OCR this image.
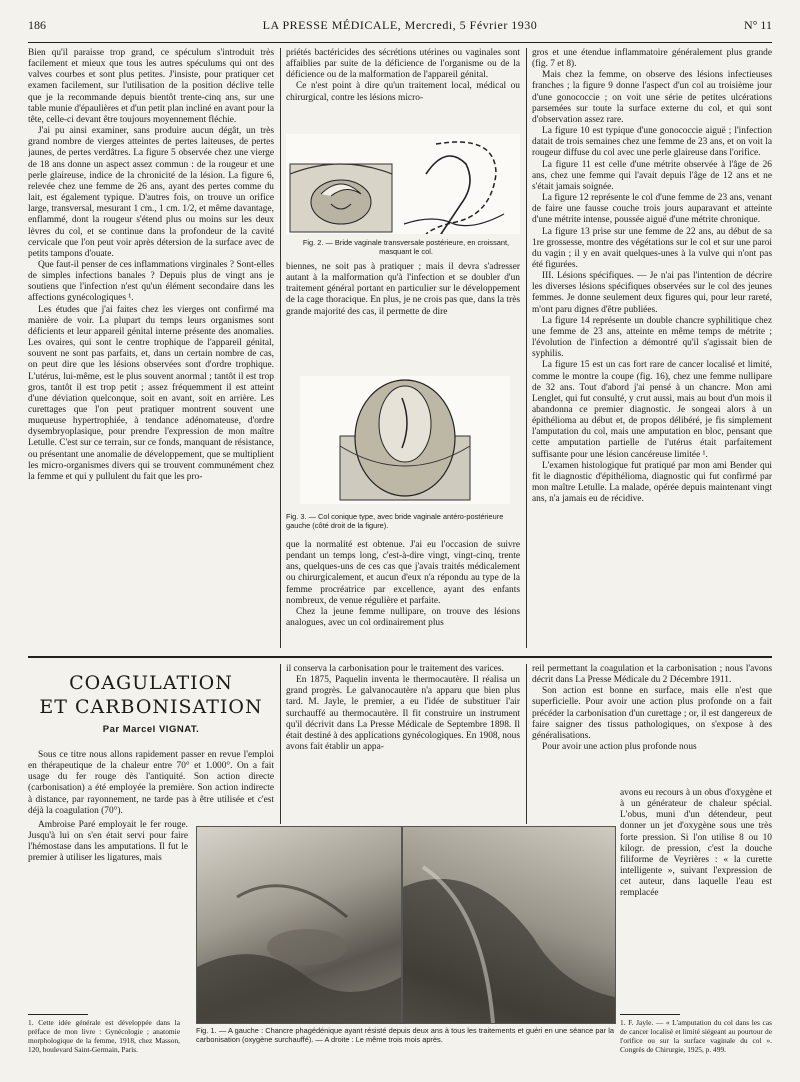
186	LA PRESSE MÉDICALE, Mercredi, 5 Février 1930	N° 11

Bien qu'il paraisse trop grand, ce spéculum s'introduit très facilement et mieux que tous les autres spéculums qui ont des valves courbes et sont plus petites. J'insiste, pour pratiquer cet examen facilement, sur l'utilisation de la position déclive telle que je la recommande depuis bientôt trente-cinq ans, sur une table munie d'épaulières et d'un petit plan incliné en avant pour la tête, celle-ci devant être toujours moyennement fléchie.

J'ai pu ainsi examiner, sans produire aucun dégât, un très grand nombre de vierges atteintes de pertes laiteuses, de pertes jaunes, de pertes verdâtres. La figure 5 observée chez une vierge de 18 ans donne un aspect assez commun : de la rougeur et une perle glaireuse, indice de la chronicité de la lésion. La figure 6, relevée chez une femme de 26 ans, ayant des pertes comme du lait, est également typique. D'autres fois, on trouve un orifice large, transversal, mesurant 1 cm., 1 cm. 1/2, et même davantage, enflammé, dont la rougeur s'étend plus ou moins sur les deux lèvres du col, et se continue dans la profondeur de la cavité cervicale que l'on peut voir après détersion de la surface avec de petits tampons d'ouate.

Que faut-il penser de ces inflammations virginales ? Sont-elles de simples infections banales ? Depuis plus de vingt ans je soutiens que l'infection n'est qu'un élément secondaire dans les affections gynécologiques ¹.

Les études que j'ai faites chez les vierges ont confirmé ma manière de voir. La plupart du temps leurs organismes sont déficients et leur appareil génital interne présente des anomalies. Les ovaires, qui sont le centre trophique de l'appareil génital, souvent ne sont pas parfaits, et, dans un certain nombre de cas, on peut dire que les lésions observées sont d'ordre trophique. L'utérus, lui-même, est le plus souvent anormal ; tantôt il est trop gros, tantôt il est trop petit ; assez fréquemment il est atteint d'une déviation quelconque, soit en avant, soit en arrière. Les curettages que l'on peut pratiquer montrent souvent une muqueuse hypertrophiée, à tendance adénomateuse, d'ordre dysembryoplasique, pour prendre l'expression de mon maître Letulle. C'est sur ce terrain, sur ce fonds, manquant de résistance, ou présentant une anomalie de développement, que se multiplient les micro-organismes divers qui se trouvent communément chez la femme et qui y pullulent du fait que les pro-

priétés bactéricides des sécrétions utérines ou vaginales sont affaiblies par suite de la déficience de l'organisme ou de la déficience ou de la malformation de l'appareil génital.

Ce n'est point à dire qu'un traitement local, médical ou chirurgical, contre les lésions micro-

Fig. 2. — Bride vaginale transversale postérieure, en croissant, masquant le col.

biennes, ne soit pas à pratiquer ; mais il devra s'adresser autant à la malformation qu'à l'infection et se doubler d'un traitement général portant en particulier sur le développement de la cage thoracique. En plus, je ne crois pas que, dans la très grande majorité des cas, il permette de dire

Fig. 3. — Col conique type, avec bride vaginale antéro-postérieure gauche (côté droit de la figure).

que la normalité est obtenue. J'ai eu l'occasion de suivre pendant un temps long, c'est-à-dire vingt, vingt-cinq, trente ans, quelques-uns de ces cas que j'avais traités médicalement ou chirurgicalement, et aucun d'eux n'a répondu au type de la femme procréatrice par excellence, ayant des enfants nombreux, de venue régulière et parfaite.

Chez la jeune femme nullipare, on trouve des lésions analogues, avec un col ordinairement plus

gros et une étendue inflammatoire généralement plus grande (fig. 7 et 8).

Mais chez la femme, on observe des lésions infectieuses franches ; la figure 9 donne l'aspect d'un col au troisième jour d'une gonococcie ; on voit une série de petites ulcérations parsemées sur toute la surface externe du col, et qui sont d'observation assez rare.

La figure 10 est typique d'une gonococcie aiguë ; l'infection datait de trois semaines chez une femme de 23 ans, et on voit la rougeur diffuse du col avec une perle glaireuse dans l'orifice.

La figure 11 est celle d'une métrite observée à l'âge de 26 ans, chez une femme qui l'avait depuis l'âge de 12 ans et ne s'était jamais soignée.

La figure 12 représente le col d'une femme de 23 ans, venant de faire une fausse couche trois jours auparavant et atteinte d'une métrite intense, poussée aiguë d'une métrite chronique.

La figure 13 prise sur une femme de 22 ans, au début de sa 1re grossesse, montre des végétations sur le col et sur une paroi du vagin ; il y en avait quelques-unes à la vulve qui n'ont pas été figurées.

III. Lésions spécifiques. — Je n'ai pas l'intention de décrire les diverses lésions spécifiques observées sur le col des jeunes femmes. Je donne seulement deux figures qui, pour leur rareté, m'ont paru dignes d'être publiées.

La figure 14 représente un double chancre syphilitique chez une femme de 23 ans, atteinte en même temps de métrite ; l'évolution de l'infection a démontré qu'il s'agissait bien de syphilis.

La figure 15 est un cas fort rare de cancer localisé et limité, comme le montre la coupe (fig. 16), chez une femme nullipare de 32 ans. Tout d'abord j'ai pensé à un chancre. Mon ami Lenglet, qui fut consulté, y crut aussi, mais au bout d'un mois il abandonna ce premier diagnostic. Je songeai alors à un épithélioma au début et, de propos délibéré, je fis simplement l'amputation du col, mais une amputation en bloc, pensant que cette amputation partielle de l'utérus était parfaitement suffisante pour une lésion cancéreuse limitée ¹.

L'examen histologique fut pratiqué par mon ami Bender qui fit le diagnostic d'épithélioma, diagnostic qui fut confirmé par mon maître Letulle. La malade, opérée depuis maintenant vingt ans, n'a jamais eu de récidive.

COAGULATION
ET CARBONISATION
Par Marcel VIGNAT.

Sous ce titre nous allons rapidement passer en revue l'emploi en thérapeutique de la chaleur entre 70° et 1.000°. On a fait usage du fer rouge dès l'antiquité. Son action directe (carbonisation) a été employée la première. Son action indirecte à distance, par rayonnement, ne tarde pas à être utilisée et c'est déjà la coagulation (70°).

Ambroise Paré employait le fer rouge. Jusqu'à lui on s'en était servi pour faire l'hémostase dans les amputations. Il fut le premier à utiliser les ligatures, mais

1. Cette idée générale est développée dans la préface de mon livre : Gynécologie ; anatomie morphologique de la femme, 1918, chez Masson, 120, boulevard Saint-Germain, Paris.

il conserva la carbonisation pour le traitement des varices.

En 1875, Paquelin inventa le thermocautère. Il réalisa un grand progrès. Le galvanocautère n'a apparu que bien plus tard. M. Jayle, le premier, a eu l'idée de substituer l'air surchauffé au thermocautère. Il fit construire un instrument qu'il décrivit dans La Presse Médicale de Septembre 1898. Il était destiné à des applications gynécologiques. En 1908, nous avons fait établir un appa-

reil permettant la coagulation et la carbonisation ; nous l'avons décrit dans La Presse Médicale du 2 Décembre 1911.

Son action est bonne en surface, mais elle n'est que superficielle. Pour avoir une action plus profonde on a fait précéder la carbonisation d'un curettage ; or, il est dangereux de faire saigner des tissus pathologiques, on s'expose à des généralisations.

Pour avoir une action plus profonde nous

avons eu recours à un obus d'oxygène et à un générateur de chaleur spécial. L'obus, muni d'un détendeur, peut donner un jet d'oxygène sous une très forte pression. Si l'on utilise 8 ou 10 kilogr. de pression, c'est la douche filiforme de Veyrières : « la curette intelligente », suivant l'expression de cet auteur, dans laquelle l'eau est remplacée

Fig. 1. — A gauche : Chancre phagédénique ayant résisté depuis deux ans à tous les traitements et guéri en une séance par la carbonisation (oxygène surchauffé). — A droite : Le même trois mois après.
1. F. Jayle. — « L'amputation du col dans les cas de cancer localisé et limité siégeant au pourtour de l'orifice ou sur la surface vaginale du col ». Congrès de Chirurgie, 1925, p. 499.
